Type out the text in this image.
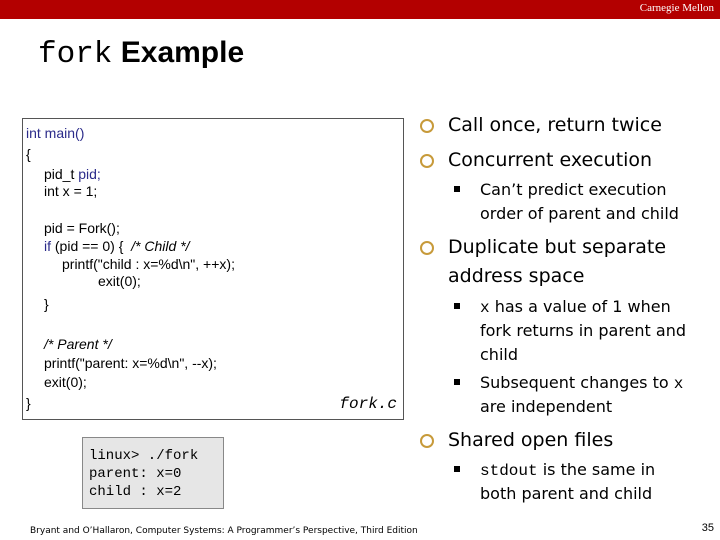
Carnegie Mellon
fork Example
int main()
{
pid_t pid;
int x = 1;
pid = Fork();
if (pid == 0) {  /* Child */
printf("child : x=%d\n", ++x);
exit(0);
}
/* Parent */
printf("parent: x=%d\n", --x);
exit(0);
}	fork.c
linux> ./fork
parent: x=0
child : x=2
Call once, return twice
Concurrent execution
Can’t predict execution
order of parent and child
Duplicate but separate
address space
x has a value of 1 when
fork returns in parent and
child
Subsequent changes to x
are independent
Shared open files
stdout is the same in
both parent and child
Bryant and O’Hallaron, Computer Systems: A Programmer’s Perspective, Third Edition	35
